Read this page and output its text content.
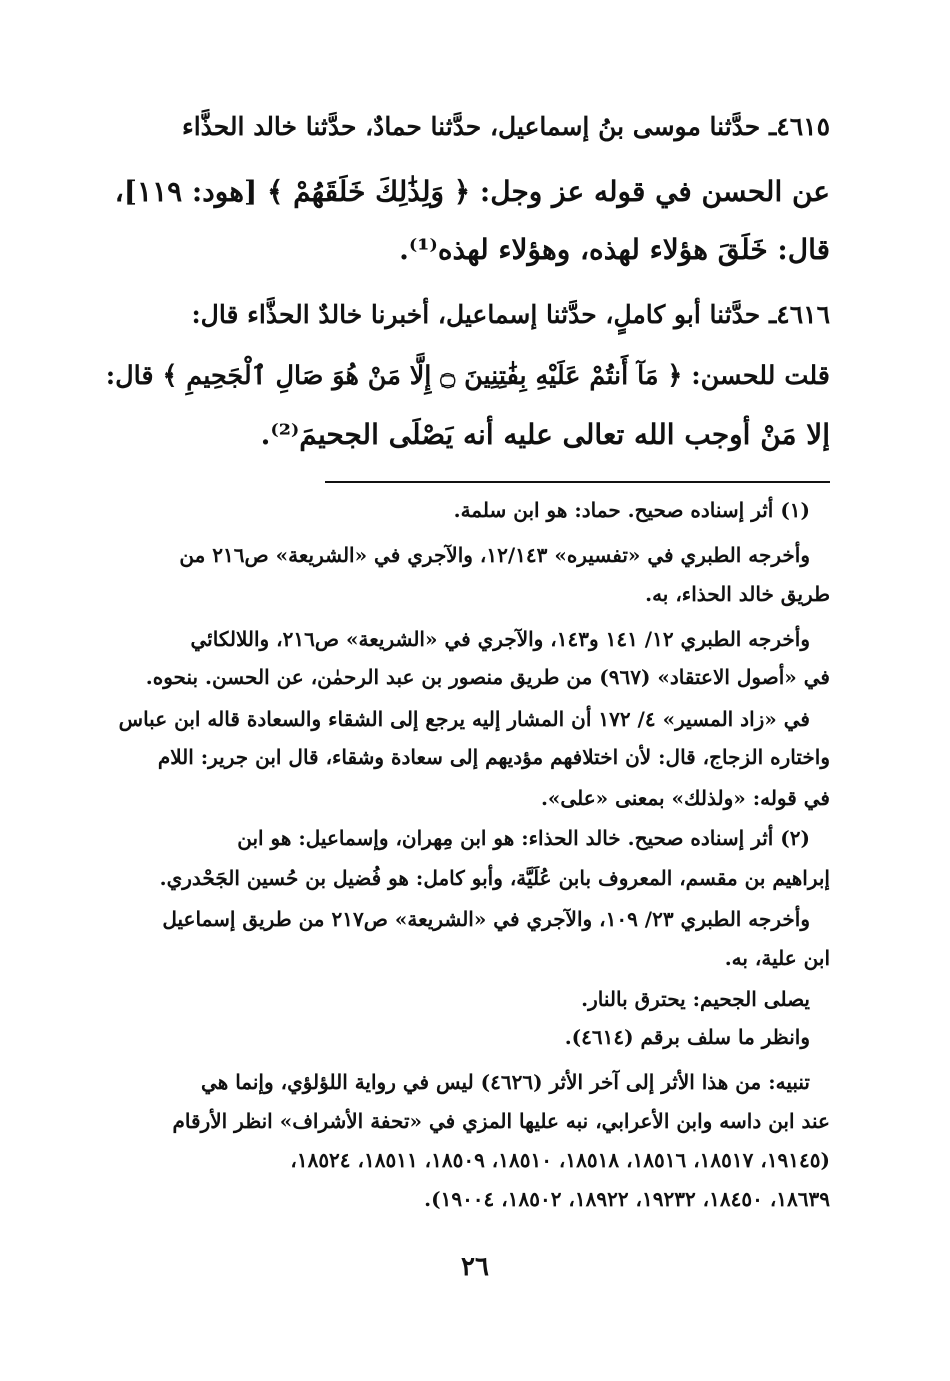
٤٦١٥ـ حدَّثنا موسى بنُ إسماعيل، حدَّثنا حمادٌ، حدَّثنا خالد الحذَّاء
عن الحسن في قوله عز وجل: ﴿ وَلِذَٰلِكَ خَلَقَهُمْ ﴾ [هود: ١١٩]،
قال: خَلَقَ هؤلاء لهذه، وهؤلاء لهذه⁽¹⁾.
٤٦١٦ـ حدَّثنا أبو كاملٍ، حدَّثنا إسماعيل، أخبرنا خالدٌ الحذَّاء قال:
قلت للحسن: ﴿ مَآ أَنتُمْ عَلَيْهِ بِفَٰتِنِينَ ۝ إِلَّا مَنْ هُوَ صَالِ ٱلْجَحِيمِ ﴾ قال:
إلا مَنْ أوجب الله تعالى عليه أنه يَصْلَى الجحيمَ⁽²⁾.
(١) أثر إسناده صحيح. حماد: هو ابن سلمة.
وأخرجه الطبري في «تفسيره» ١٢/١٤٣، والآجري في «الشريعة» ص٢١٦ من
طريق خالد الحذاء، به.
وأخرجه الطبري ١٢/ ١٤١ و١٤٣، والآجري في «الشريعة» ص٢١٦، واللالكائي
في «أصول الاعتقاد» (٩٦٧) من طريق منصور بن عبد الرحمٰن، عن الحسن. بنحوه.
في «زاد المسير» ٤/ ١٧٢ أن المشار إليه يرجع إلى الشقاء والسعادة قاله ابن عباس
واختاره الزجاج، قال: لأن اختلافهم مؤديهم إلى سعادة وشقاء، قال ابن جرير: اللام
في قوله: «ولذلك» بمعنى «على».
(٢) أثر إسناده صحيح. خالد الحذاء: هو ابن مِهران، وإسماعيل: هو ابن
إبراهيم بن مقسم، المعروف بابن عُلَيَّة، وأبو كامل: هو فُضيل بن حُسين الجَحْدري.
وأخرجه الطبري ٢٣/ ١٠٩، والآجري في «الشريعة» ص٢١٧ من طريق إسماعيل
ابن علية، به.
يصلى الجحيم: يحترق بالنار.
وانظر ما سلف برقم (٤٦١٤).
تنبيه: من هذا الأثر إلى آخر الأثر (٤٦٢٦) ليس في رواية اللؤلؤي، وإنما هي
عند ابن داسه وابن الأعرابي، نبه عليها المزي في «تحفة الأشراف» انظر الأرقام
(١٩١٤٥، ١٨٥١٧، ١٨٥١٦، ١٨٥١٨، ١٨٥١٠، ١٨٥٠٩، ١٨٥١١، ١٨٥٢٤،
١٨٦٣٩، ١٨٤٥٠، ١٩٢٣٢، ١٨٩٢٢، ١٨٥٠٢، ١٩٠٠٤).
٢٦
